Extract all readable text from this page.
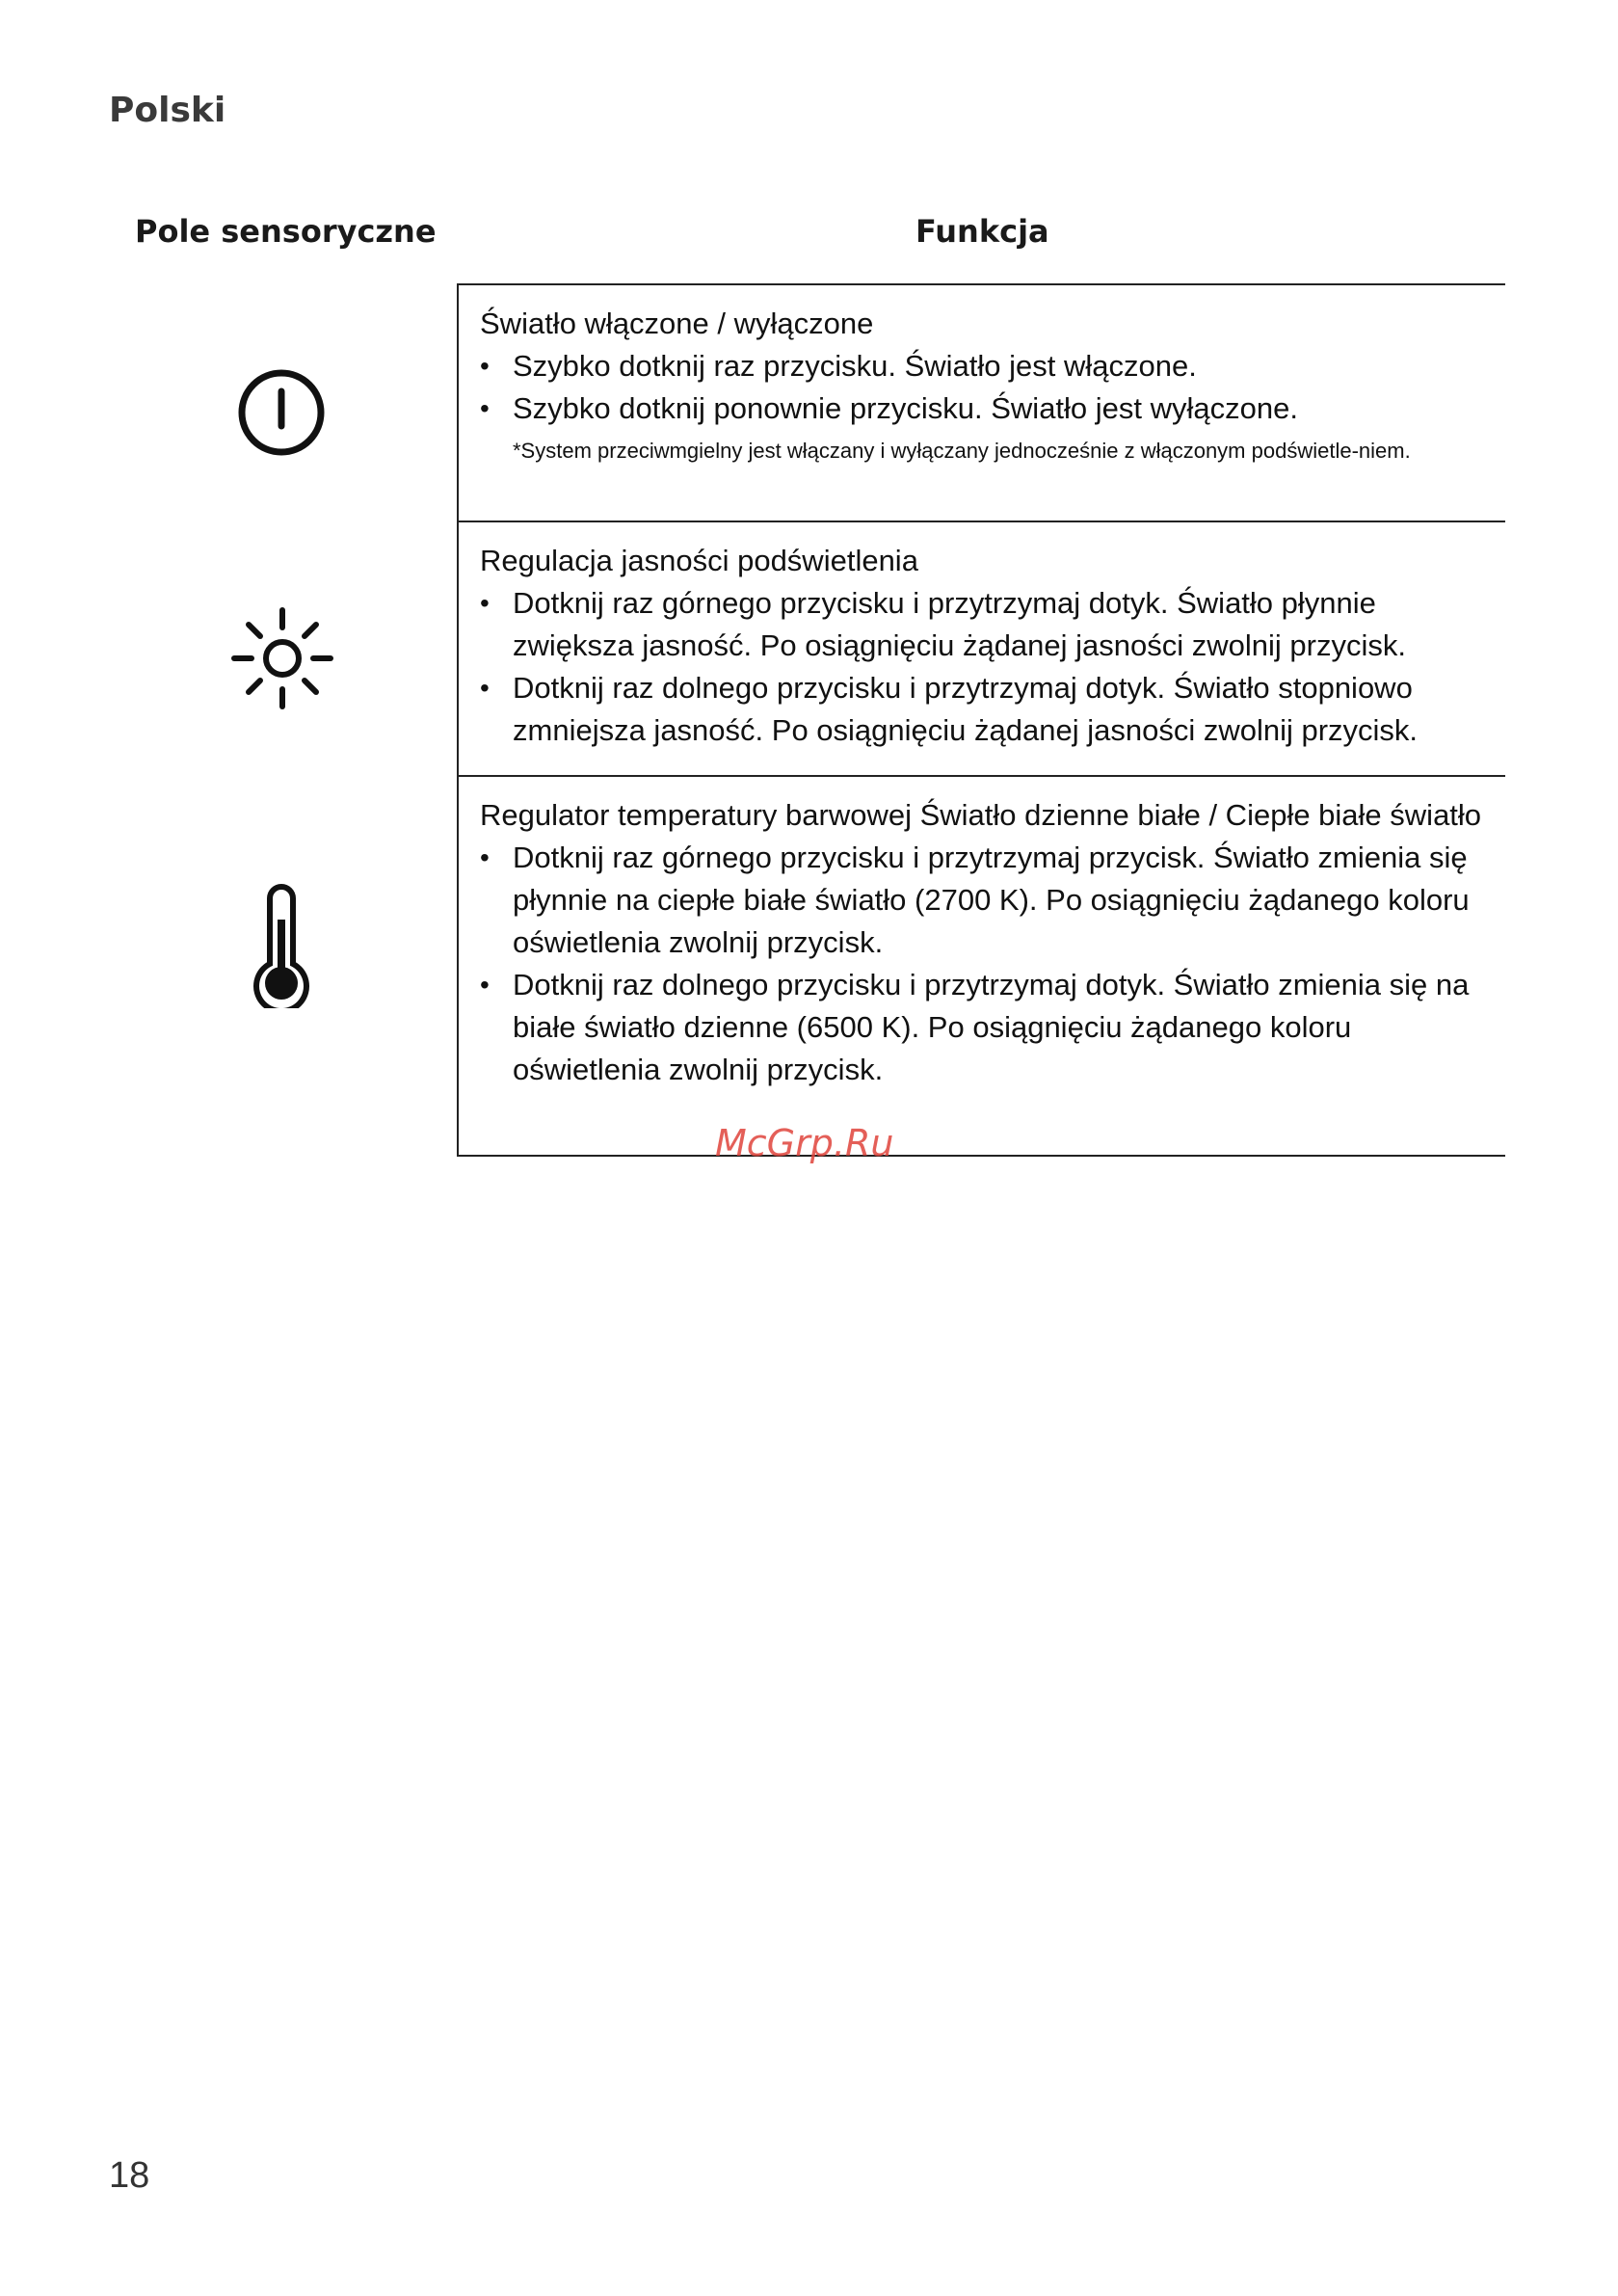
Polski
Pole sensoryczne	Funkcja

Światło włączone / wyłączone

• Szybko dotknij raz przycisku. Światło jest włączone.
• Szybko dotknij ponownie przycisku. Światło jest wyłączone.

*System przeciwmgielny jest włączany i wyłączany jednocześnie z włączonym podświetle-niem.

Regulacja jasności podświetlenia

• Dotknij raz górnego przycisku i przytrzymaj dotyk. Światło płynnie zwiększa jasność. Po osiągnięciu żądanej jasności zwolnij przycisk.
• Dotknij raz dolnego przycisku i przytrzymaj dotyk. Światło stopniowo zmniejsza jasność. Po osiągnięciu żądanej jasności zwolnij przycisk.

Regulator temperatury barwowej Światło dzienne białe / Ciepłe białe światło

• Dotknij raz górnego przycisku i przytrzymaj przycisk. Światło zmienia się płynnie na ciepłe białe światło (2700 K). Po osiągnięciu żądanego koloru oświetlenia zwolnij przycisk.
• Dotknij raz dolnego przycisku i przytrzymaj dotyk. Światło zmienia się na białe światło dzienne (6500 K). Po osiągnięciu żądanego koloru oświetlenia zwolnij przycisk.
McGrp.Ru

18
